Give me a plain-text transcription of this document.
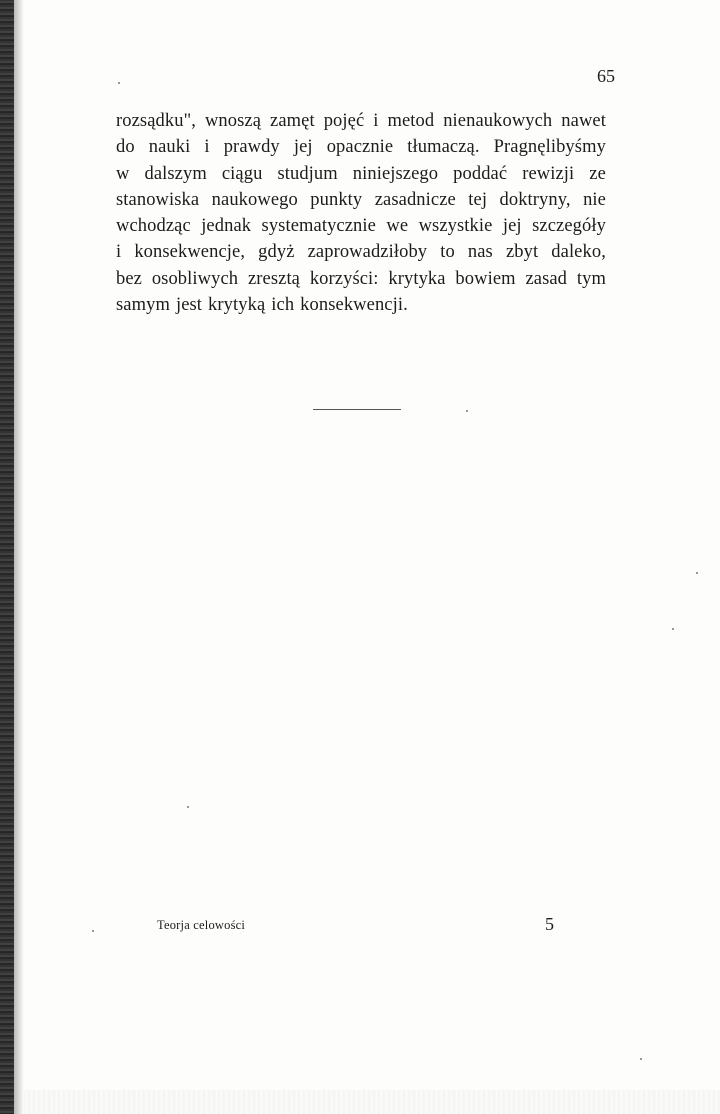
65
rozsądku", wnoszą zamęt pojęć i metod nienaukowych nawet
do nauki i prawdy jej opacznie tłumaczą. Pragnęlibyśmy
w dalszym ciągu studjum niniejszego poddać rewizji ze
stanowiska naukowego punkty zasadnicze tej doktryny, nie
wchodząc jednak systematycznie we wszystkie jej szczegóły
i konsekwencje, gdyż zaprowadziłoby to nas zbyt daleko,
bez osobliwych zresztą korzyści: krytyka bowiem zasad tym
samym jest krytyką ich konsekwencji.
Teorja celowości	5
